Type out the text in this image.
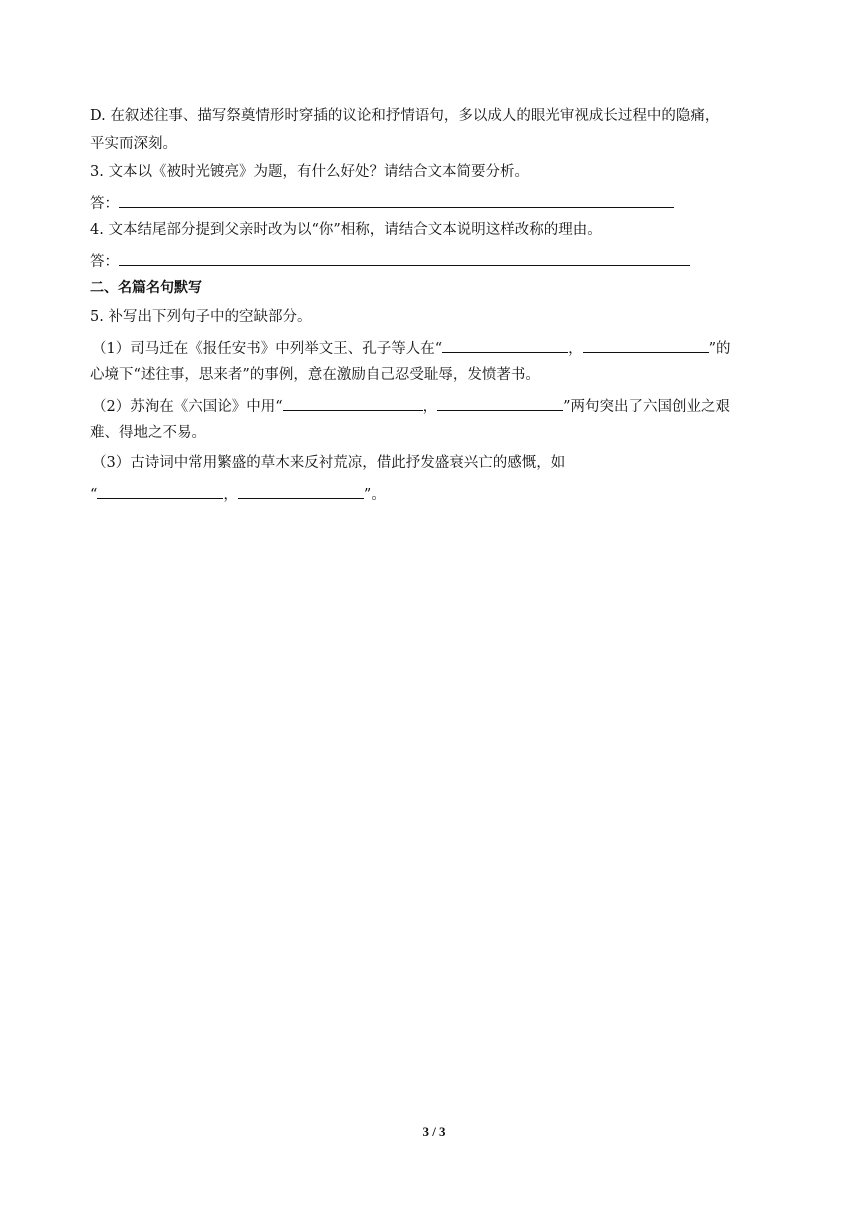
D. 在叙述往事、描写祭奠情形时穿插的议论和抒情语句，多以成人的眼光审视成长过程中的隐痛，
平实而深刻。
3. 文本以《被时光镀亮》为题，有什么好处？请结合文本简要分析。
答：
4. 文本结尾部分提到父亲时改为以“你”相称，请结合文本说明这样改称的理由。
答：
二、名篇名句默写
5. 补写出下列句子中的空缺部分。
（1）司马迁在《报任安书》中列举文王、孔子等人在“	，	”的
心境下“述往事，思来者”的事例，意在激励自己忍受耻辱，发愤著书。
（2）苏洵在《六国论》中用“	，	”两句突出了六国创业之艰
难、得地之不易。
（3）古诗词中常用繁盛的草木来反衬荒凉，借此抒发盛衰兴亡的感慨，如
“	，	”。
3 / 3
